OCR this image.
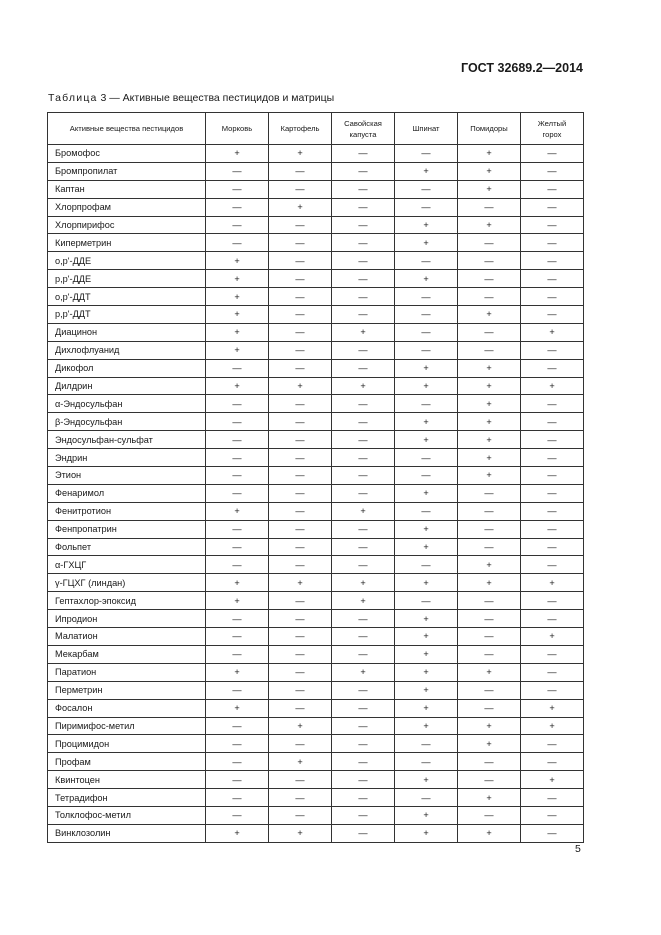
ГОСТ 32689.2—2014
Таблица 3 — Активные вещества пестицидов и матрицы
Активные вещества пестицидов	Морковь	Картофель	Савойская капуста	Шпинат	Помидоры	Желтый горох
Бромофос	+	+	—	—	+	—
Бромпропилат	—	—	—	+	+	—
Каптан	—	—	—	—	+	—
Хлорпрофам	—	+	—	—	—	—
Хлорпирифос	—	—	—	+	+	—
Киперметрин	—	—	—	+	—	—
o,p'-ДДЕ	+	—	—	—	—	—
p,p'-ДДЕ	+	—	—	+	—	—
o,p'-ДДТ	+	—	—	—	—	—
p,p'-ДДТ	+	—	—	—	+	—
Диацинон	+	—	+	—	—	+
Дихлофлуанид	+	—	—	—	—	—
Дикофол	—	—	—	+	+	—
Дилдрин	+	+	+	+	+	+
α-Эндосульфан	—	—	—	—	+	—
β-Эндосульфан	—	—	—	+	+	—
Эндосульфан-сульфат	—	—	—	+	+	—
Эндрин	—	—	—	—	+	—
Этион	—	—	—	—	+	—
Фенаримол	—	—	—	+	—	—
Фенитротион	+	—	+	—	—	—
Фенпропатрин	—	—	—	+	—	—
Фольпет	—	—	—	+	—	—
α-ГХЦГ	—	—	—	—	+	—
γ-ГЦХГ (линдан)	+	+	+	+	+	+
Гептахлор-эпоксид	+	—	+	—	—	—
Ипродион	—	—	—	+	—	—
Малатион	—	—	—	+	—	+
Мекарбам	—	—	—	+	—	—
Паратион	+	—	+	+	+	—
Перметрин	—	—	—	+	—	—
Фосалон	+	—	—	+	—	+
Пиримифос-метил	—	+	—	+	+	+
Процимидон	—	—	—	—	+	—
Профам	—	+	—	—	—	—
Квинтоцен	—	—	—	+	—	+
Тетрадифон	—	—	—	—	+	—
Толклофос-метил	—	—	—	+	—	—
Винклозолин	+	+	—	+	+	—
5
